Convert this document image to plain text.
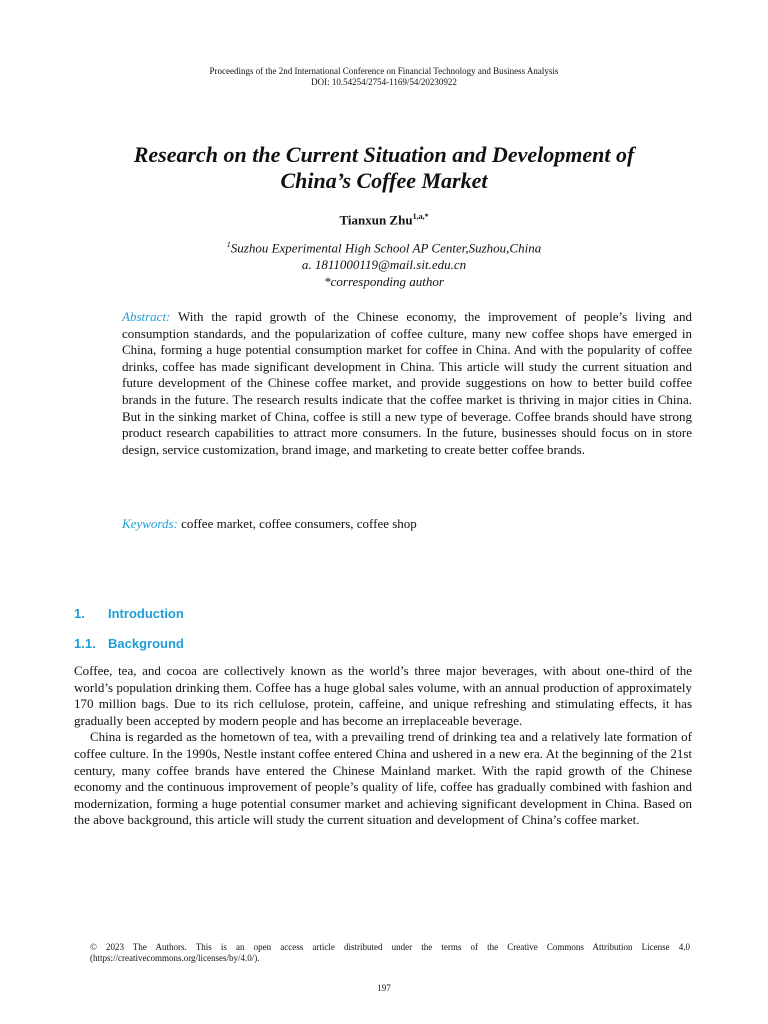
Proceedings of the 2nd International Conference on Financial Technology and Business Analysis
DOI: 10.54254/2754-1169/54/20230922
Research on the Current Situation and Development of
China’s Coffee Market
Tianxun Zhu$^{1,a,*}$
$^1$Suzhou Experimental High School AP Center,Suzhou,China
a. 1811000119@mail.sit.edu.cn
*corresponding author
Abstract: With the rapid growth of the Chinese economy, the improvement of people’s living and consumption standards, and the popularization of coffee culture, many new coffee shops have emerged in China, forming a huge potential consumption market for coffee in China. And with the popularity of coffee drinks, coffee has made significant development in China. This article will study the current situation and future development of the Chinese coffee market, and provide suggestions on how to better build coffee brands in the future. The research results indicate that the coffee market is thriving in major cities in China. But in the sinking market of China, coffee is still a new type of beverage. Coffee brands should have strong product research capabilities to attract more consumers. In the future, businesses should focus on in store design, service customization, brand image, and marketing to create better coffee brands.
Keywords: coffee market, coffee consumers, coffee shop
1. Introduction
1.1. Background

Coffee, tea, and cocoa are collectively known as the world’s three major beverages, with about one-third of the world’s population drinking them. Coffee has a huge global sales volume, with an annual production of approximately 170 million bags. Due to its rich cellulose, protein, caffeine, and unique refreshing and stimulating effects, it has gradually been accepted by modern people and has become an irreplaceable beverage.

China is regarded as the hometown of tea, with a prevailing trend of drinking tea and a relatively late formation of coffee culture. In the 1990s, Nestle instant coffee entered China and ushered in a new era. At the beginning of the 21st century, many coffee brands have entered the Chinese Mainland market. With the rapid growth of the Chinese economy and the continuous improvement of people’s quality of life, coffee has gradually combined with fashion and modernization, forming a huge potential consumer market and achieving significant development in China. Based on the above background, this article will study the current situation and development of China’s coffee market.

© 2023 The Authors. This is an open access article distributed under the terms of the Creative Commons Attribution License 4.0 (https://creativecommons.org/licenses/by/4.0/).
197
